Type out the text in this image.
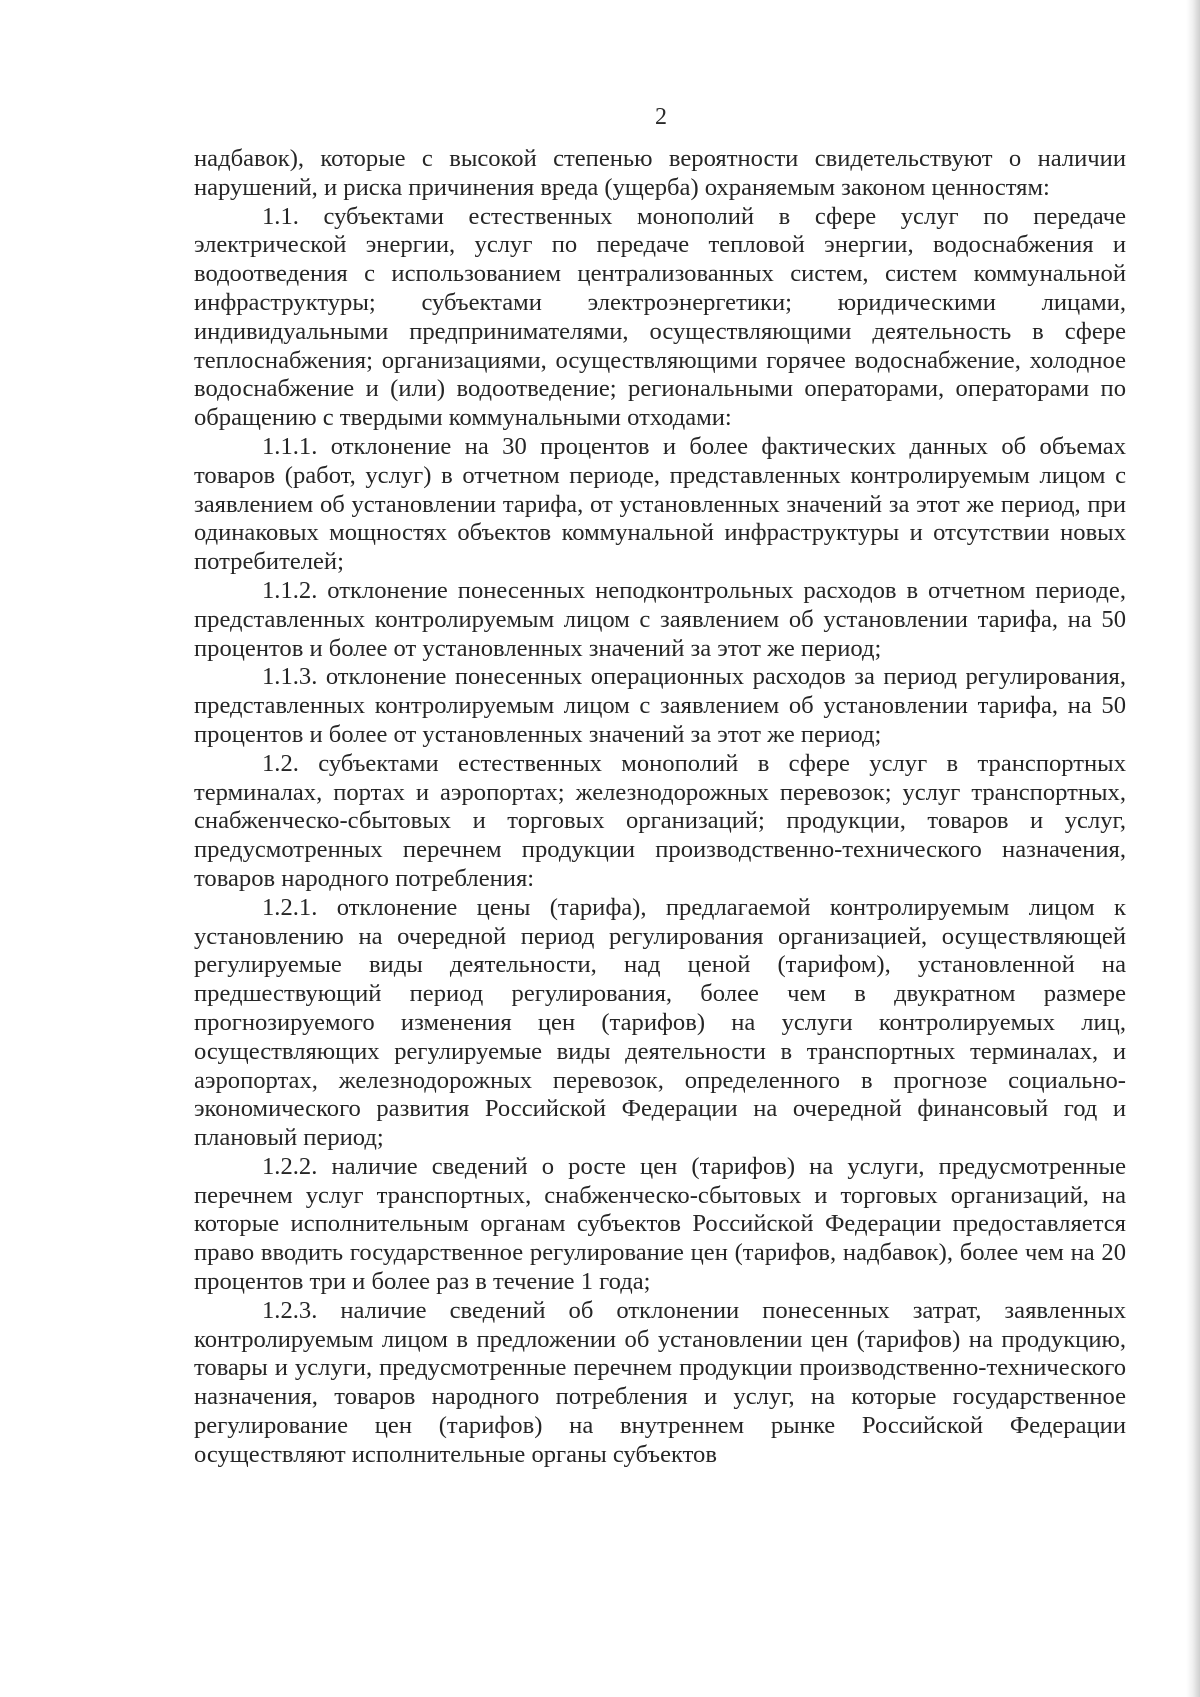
2

надбавок), которые с высокой степенью вероятности свидетельствуют о наличии нарушений, и риска причинения вреда (ущерба) охраняемым законом ценностям:

1.1. субъектами естественных монополий в сфере услуг по передаче электрической энергии, услуг по передаче тепловой энергии, водоснабжения и водоотведения с использованием централизованных систем, систем коммунальной инфраструктуры; субъектами электроэнергетики; юридическими лицами, индивидуальными предпринимателями, осуществляющими деятельность в сфере теплоснабжения; организациями, осуществляющими горячее водоснабжение, холодное водоснабжение и (или) водоотведение; региональными операторами, операторами по обращению с твердыми коммунальными отходами:

1.1.1. отклонение на 30 процентов и более фактических данных об объемах товаров (работ, услуг) в отчетном периоде, представленных контролируемым лицом с заявлением об установлении тарифа, от установленных значений за этот же период, при одинаковых мощностях объектов коммунальной инфраструктуры и отсутствии новых потребителей;

1.1.2. отклонение понесенных неподконтрольных расходов в отчетном периоде, представленных контролируемым лицом с заявлением об установлении тарифа, на 50 процентов и более от установленных значений за этот же период;

1.1.3. отклонение понесенных операционных расходов за период регулирования, представленных контролируемым лицом с заявлением об установлении тарифа, на 50 процентов и более от установленных значений за этот же период;

1.2. субъектами естественных монополий в сфере услуг в транспортных терминалах, портах и аэропортах; железнодорожных перевозок; услуг транспортных, снабженческо-сбытовых и торговых организаций; продукции, товаров и услуг, предусмотренных перечнем продукции производственно-технического назначения, товаров народного потребления:

1.2.1. отклонение цены (тарифа), предлагаемой контролируемым лицом к установлению на очередной период регулирования организацией, осуществляющей регулируемые виды деятельности, над ценой (тарифом), установленной на предшествующий период регулирования, более чем в двукратном размере прогнозируемого изменения цен (тарифов) на услуги контролируемых лиц, осуществляющих регулируемые виды деятельности в транспортных терминалах, и аэропортах, железнодорожных перевозок, определенного в прогнозе социально-экономического развития Российской Федерации на очередной финансовый год и плановый период;

1.2.2. наличие сведений о росте цен (тарифов) на услуги, предусмотренные перечнем услуг транспортных, снабженческо-сбытовых и торговых организаций, на которые исполнительным органам субъектов Российской Федерации предоставляется право вводить государственное регулирование цен (тарифов, надбавок), более чем на 20 процентов три и более раз в течение 1 года;

1.2.3. наличие сведений об отклонении понесенных затрат, заявленных контролируемым лицом в предложении об установлении цен (тарифов) на продукцию, товары и услуги, предусмотренные перечнем продукции производственно-технического назначения, товаров народного потребления и услуг, на которые государственное регулирование цен (тарифов) на внутреннем рынке Российской Федерации осуществляют исполнительные органы субъектов
